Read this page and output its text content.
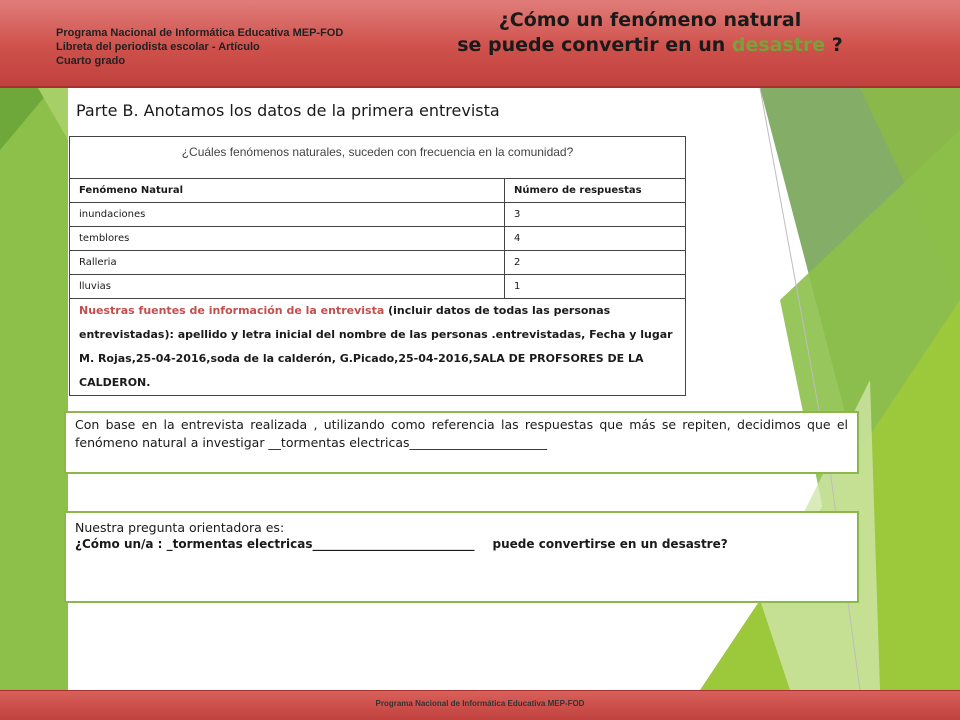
Programa Nacional de Informática Educativa MEP-FOD
Libreta del periodista escolar - Artículo
Cuarto grado
¿Cómo un fenómeno natural
se puede convertir en un desastre ?
Parte B. Anotamos los datos de la primera entrevista
¿Cuáles fenómenos naturales, suceden con frecuencia en la comunidad?	
Fenómeno Natural	Número de respuestas
inundaciones	3
temblores	4
Ralleria	2
lluvias	1
Nuestras fuentes de información de la entrevista (incluir datos de todas las personas entrevistadas): apellido y letra inicial del nombre de las personas .entrevistadas, Fecha y lugar M. Rojas,25-04-2016,soda de la calderón, G.Picado,25-04-2016,SALA DE PROFSORES DE LA CALDERON.	

Con base en la entrevista realizada , utilizando como referencia las respuestas que más se repiten, decidimos que el fenómeno natural a investigar __tormentas electricas______________________

Nuestra pregunta orientadora es:
¿Cómo un/a : _tormentas electricas___________________________ puede convertirse en un desastre?
Programa Nacional de Informática Educativa MEP-FOD
